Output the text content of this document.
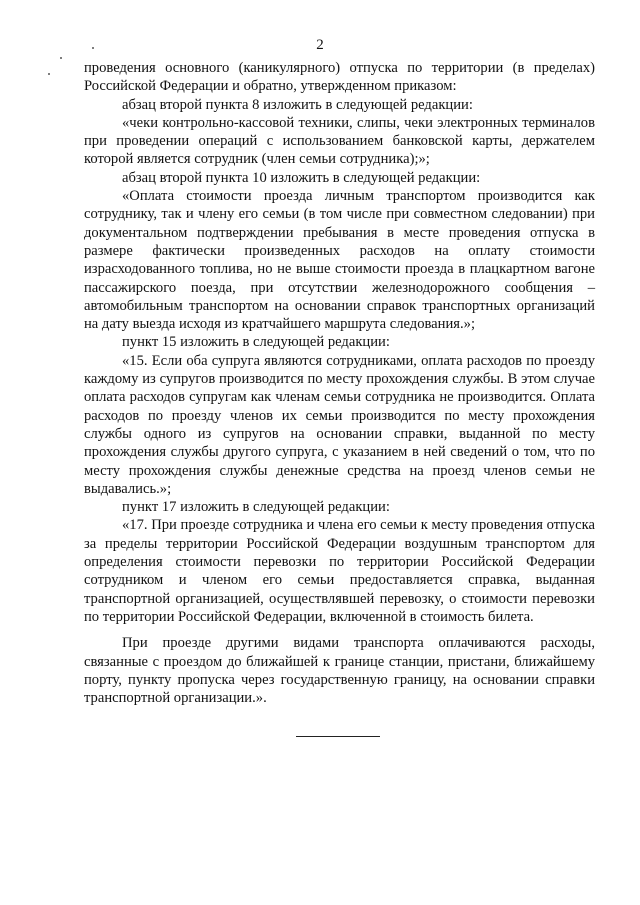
2

проведения основного (каникулярного) отпуска по территории (в пределах) Российской Федерации и обратно, утвержденном приказом:

абзац второй пункта 8 изложить в следующей редакции:

«чеки контрольно-кассовой техники, слипы, чеки электронных терминалов при проведении операций с использованием банковской карты, держателем которой является сотрудник (член семьи сотрудника);»;

абзац второй пункта 10 изложить в следующей редакции:

«Оплата стоимости проезда личным транспортом производится как сотруднику, так и члену его семьи (в том числе при совместном следовании) при документальном подтверждении пребывания в месте проведения отпуска в размере фактически произведенных расходов на оплату стоимости израсходованного топлива, но не выше стоимости проезда в плацкартном вагоне пассажирского поезда, при отсутствии железнодорожного сообщения – автомобильным транспортом на основании справок транспортных организаций на дату выезда исходя из кратчайшего маршрута следования.»;

пункт 15 изложить в следующей редакции:

«15. Если оба супруга являются сотрудниками, оплата расходов по проезду каждому из супругов производится по месту прохождения службы. В этом случае оплата расходов супругам как членам семьи сотрудника не производится. Оплата расходов по проезду членов их семьи производится по месту прохождения службы одного из супругов на основании справки, выданной по месту прохождения службы другого супруга, с указанием в ней сведений о том, что по месту прохождения службы денежные средства на проезд членов семьи не выдавались.»;

пункт 17 изложить в следующей редакции:

«17. При проезде сотрудника и члена его семьи к месту проведения отпуска за пределы территории Российской Федерации воздушным транспортом для определения стоимости перевозки по территории Российской Федерации сотрудником и членом его семьи предоставляется справка, выданная транспортной организацией, осуществлявшей перевозку, о стоимости перевозки по территории Российской Федерации, включенной в стоимость билета.

При проезде другими видами транспорта оплачиваются расходы, связанные с проездом до ближайшей к границе станции, пристани, ближайшему порту, пункту пропуска через государственную границу, на основании справки транспортной организации.».
